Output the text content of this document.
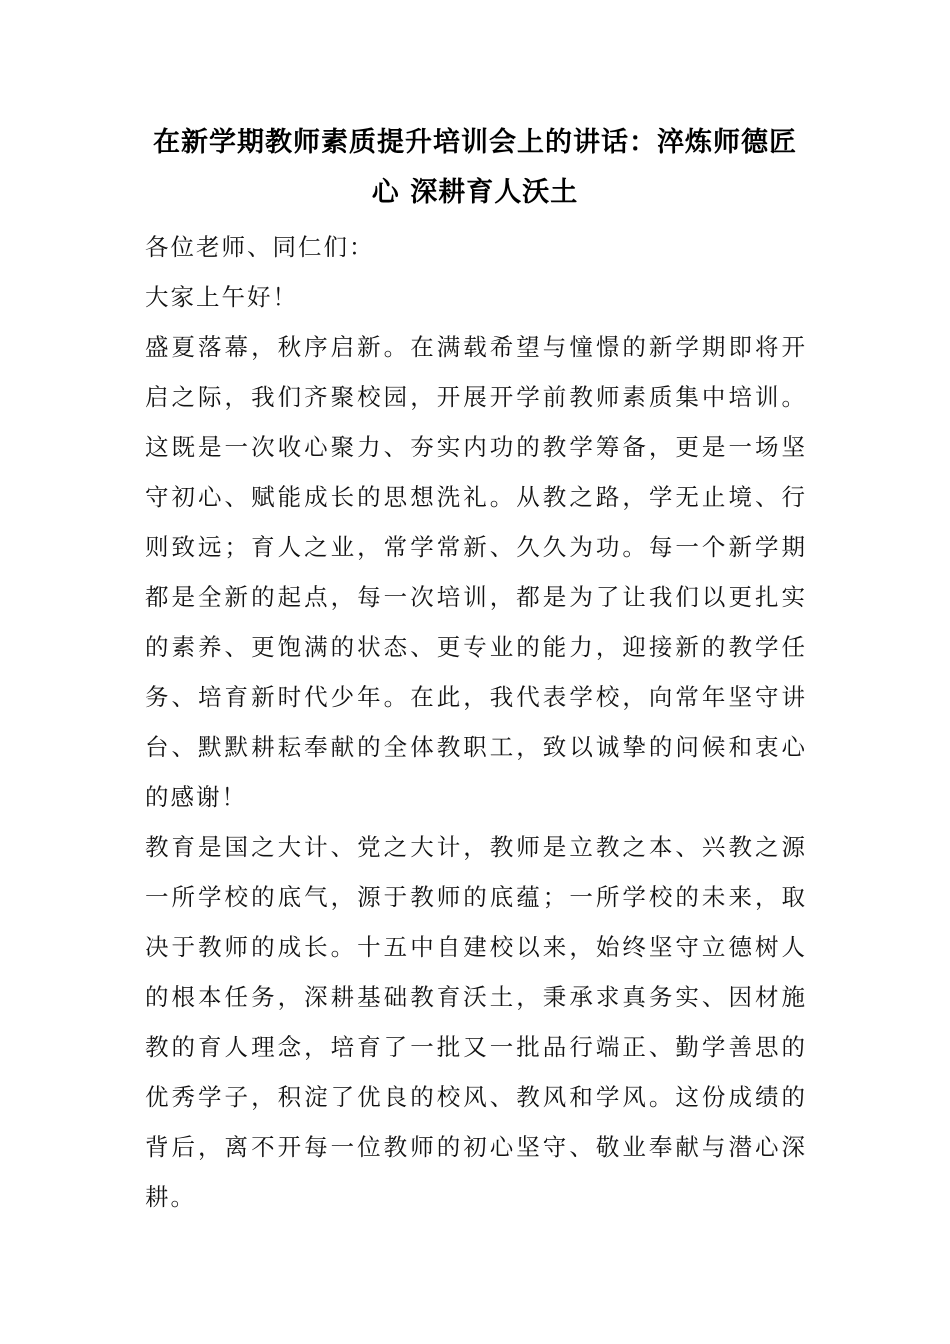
在新学期教师素质提升培训会上的讲话：淬炼师德匠心 深耕育人沃土

各位老师、同仁们：

大家上午好！

盛夏落幕，秋序启新。在满载希望与憧憬的新学期即将开启之际，我们齐聚校园，开展开学前教师素质集中培训。这既是一次收心聚力、夯实内功的教学筹备，更是一场坚守初心、赋能成长的思想洗礼。从教之路，学无止境、行则致远；育人之业，常学常新、久久为功。每一个新学期都是全新的起点，每一次培训，都是为了让我们以更扎实的素养、更饱满的状态、更专业的能力，迎接新的教学任务、培育新时代少年。在此，我代表学校，向常年坚守讲台、默默耕耘奉献的全体教职工，致以诚挚的问候和衷心的感谢！

教育是国之大计、党之大计，教师是立教之本、兴教之源一所学校的底气，源于教师的底蕴；一所学校的未来，取决于教师的成长。十五中自建校以来，始终坚守立德树人的根本任务，深耕基础教育沃土，秉承求真务实、因材施教的育人理念，培育了一批又一批品行端正、勤学善思的优秀学子，积淀了优良的校风、教风和学风。这份成绩的背后，离不开每一位教师的初心坚守、敬业奉献与潜心深耕。
